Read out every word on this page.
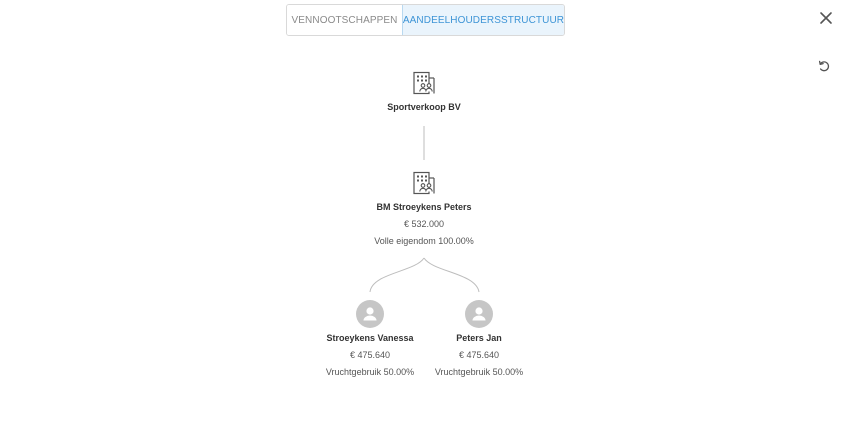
VENNOOTSCHAPPEN AANDEELHOUDERSSTRUCTUUR
Sportverkoop BV
BM Stroeykens Peters
€ 532.000
Volle eigendom 100.00%
Stroeykens Vanessa
€ 475.640
Vruchtgebruik 50.00%
Peters Jan
€ 475.640
Vruchtgebruik 50.00%
